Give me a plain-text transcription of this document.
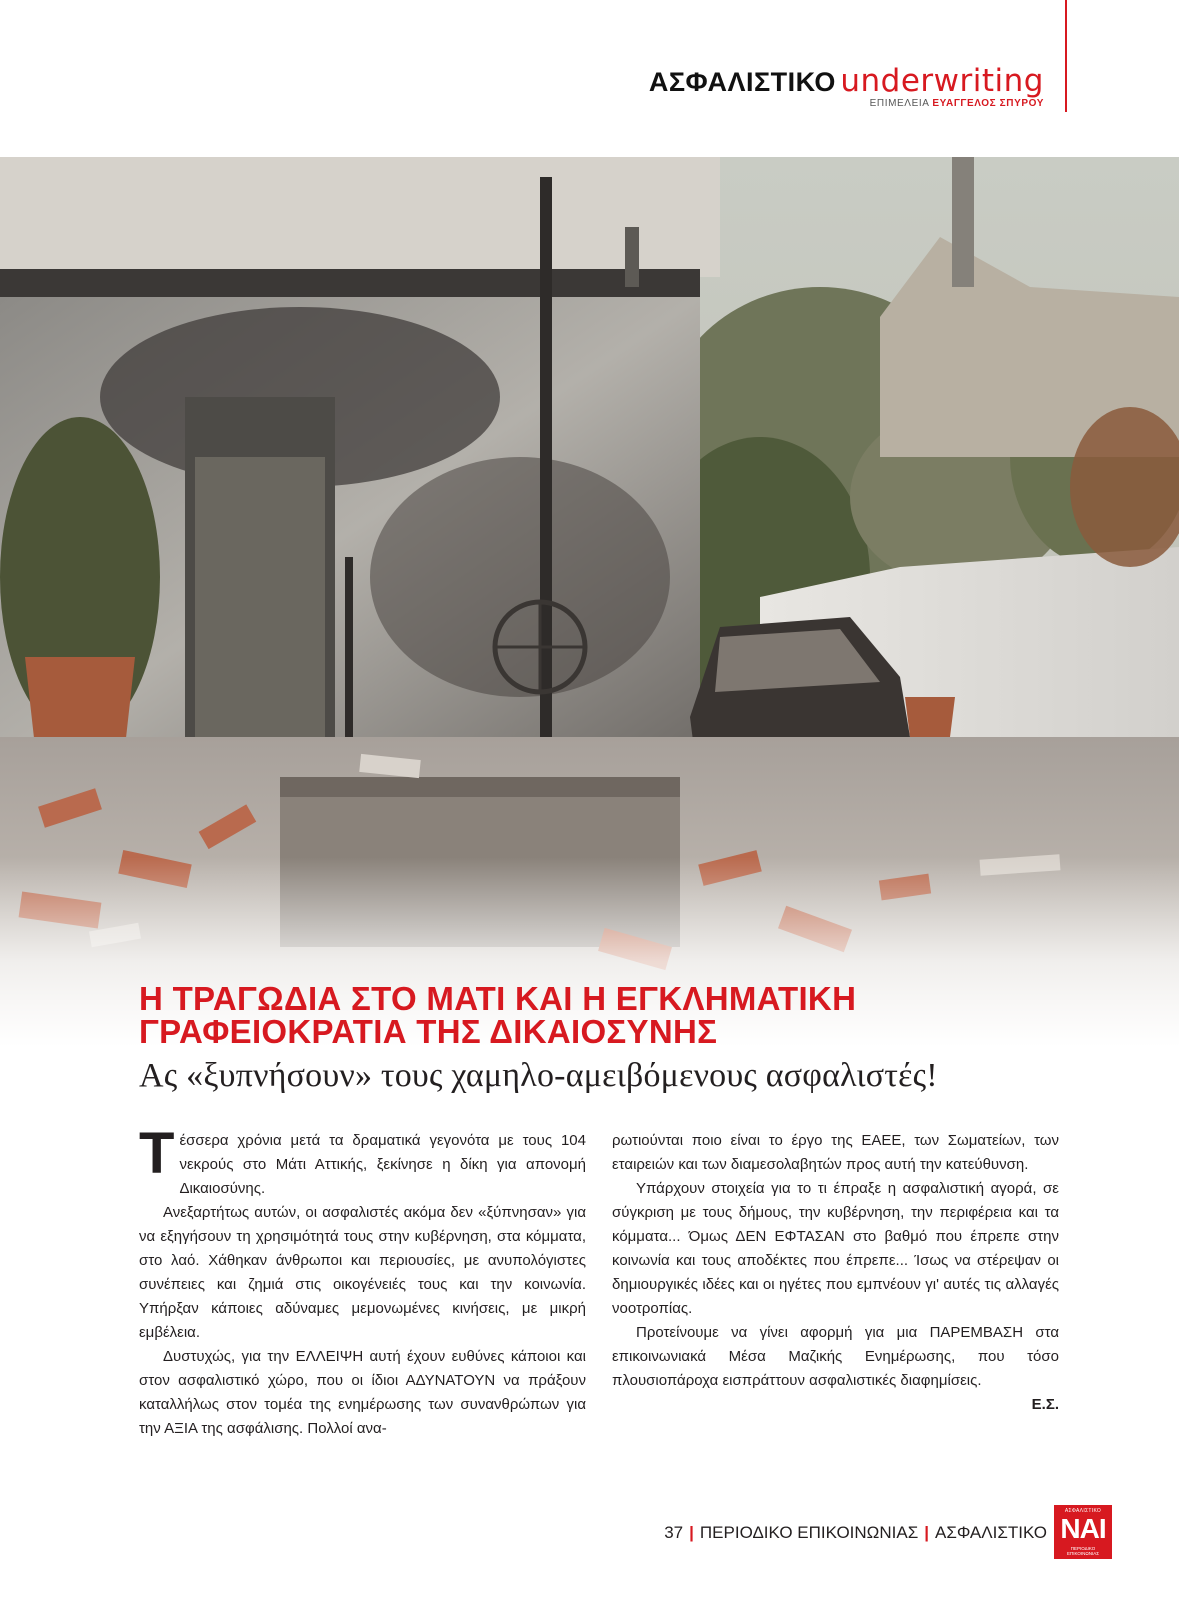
ΑΣΦΑΛΙΣΤΙΚΟ underwriting
ΕΠΙΜΕΛΕΙΑ ΕΥΑΓΓΕΛΟΣ ΣΠΥΡΟΥ
Η ΤΡΑΓΩΔΙΑ ΣΤΟ ΜΑΤΙ ΚΑΙ Η ΕΓΚΛΗΜΑΤΙΚΗ
ΓΡΑΦΕΙΟΚΡΑΤΙΑ ΤΗΣ ΔΙΚΑΙΟΣΥΝΗΣ
Ας «ξυπνήσουν» τους χαμηλο-αμειβόμενους ασφαλιστές!

Τέσσερα χρόνια μετά τα δραματικά γεγονότα με τους 104 νεκρούς στο Μάτι Αττικής, ξεκίνησε η δίκη για απονομή Δικαιοσύνης.

Ανεξαρτήτως αυτών, οι ασφαλιστές ακόμα δεν «ξύπνησαν» για να εξηγήσουν τη χρησιμότητά τους στην κυβέρνηση, στα κόμματα, στο λαό. Χάθηκαν άνθρωποι και περιουσίες, με ανυπολόγιστες συνέπειες και ζημιά στις οικογένειές τους και την κοινωνία. Υπήρξαν κάποιες αδύναμες μεμονωμένες κινήσεις, με μικρή εμβέλεια.

Δυστυχώς, για την ΕΛΛΕΙΨΗ αυτή έχουν ευθύνες κάποιοι και στον ασφαλιστικό χώρο, που οι ίδιοι ΑΔΥΝΑΤΟΥΝ να πράξουν καταλλήλως στον τομέα της ενημέρωσης των συνανθρώπων για την ΑΞΙΑ της ασφάλισης. Πολλοί ανα-

ρωτιούνται ποιο είναι το έργο της ΕΑΕΕ, των Σωματείων, των εταιρειών και των διαμεσολαβητών προς αυτή την κατεύθυνση.

Υπάρχουν στοιχεία για το τι έπραξε η ασφαλιστική αγορά, σε σύγκριση με τους δήμους, την κυβέρνηση, την περιφέρεια και τα κόμματα... Όμως ΔΕΝ ΕΦΤΑΣΑΝ στο βαθμό που έπρεπε στην κοινωνία και τους αποδέκτες που έπρεπε... Ίσως να στέρεψαν οι δημιουργικές ιδέες και οι ηγέτες που εμπνέουν γι' αυτές τις αλλαγές νοοτροπίας.

Προτείνουμε να γίνει αφορμή για μια ΠΑΡΕΜΒΑΣΗ στα επικοινωνιακά Μέσα Μαζικής Ενημέρωσης, που τόσο πλουσιοπάροχα εισπράττουν ασφαλιστικές διαφημίσεις.

Ε.Σ.
37 | ΠΕΡΙΟΔΙΚΟ ΕΠΙΚΟΙΝΩΝΙΑΣ | ΑΣΦΑΛΙΣΤΙΚΟ
ΑΣΦΑΛΙΣΤΙΚΟ
ΝΑΙ
ΠΕΡΙΟΔΙΚΟ ΕΠΙΚΟΙΝΩΝΙΑΣ
